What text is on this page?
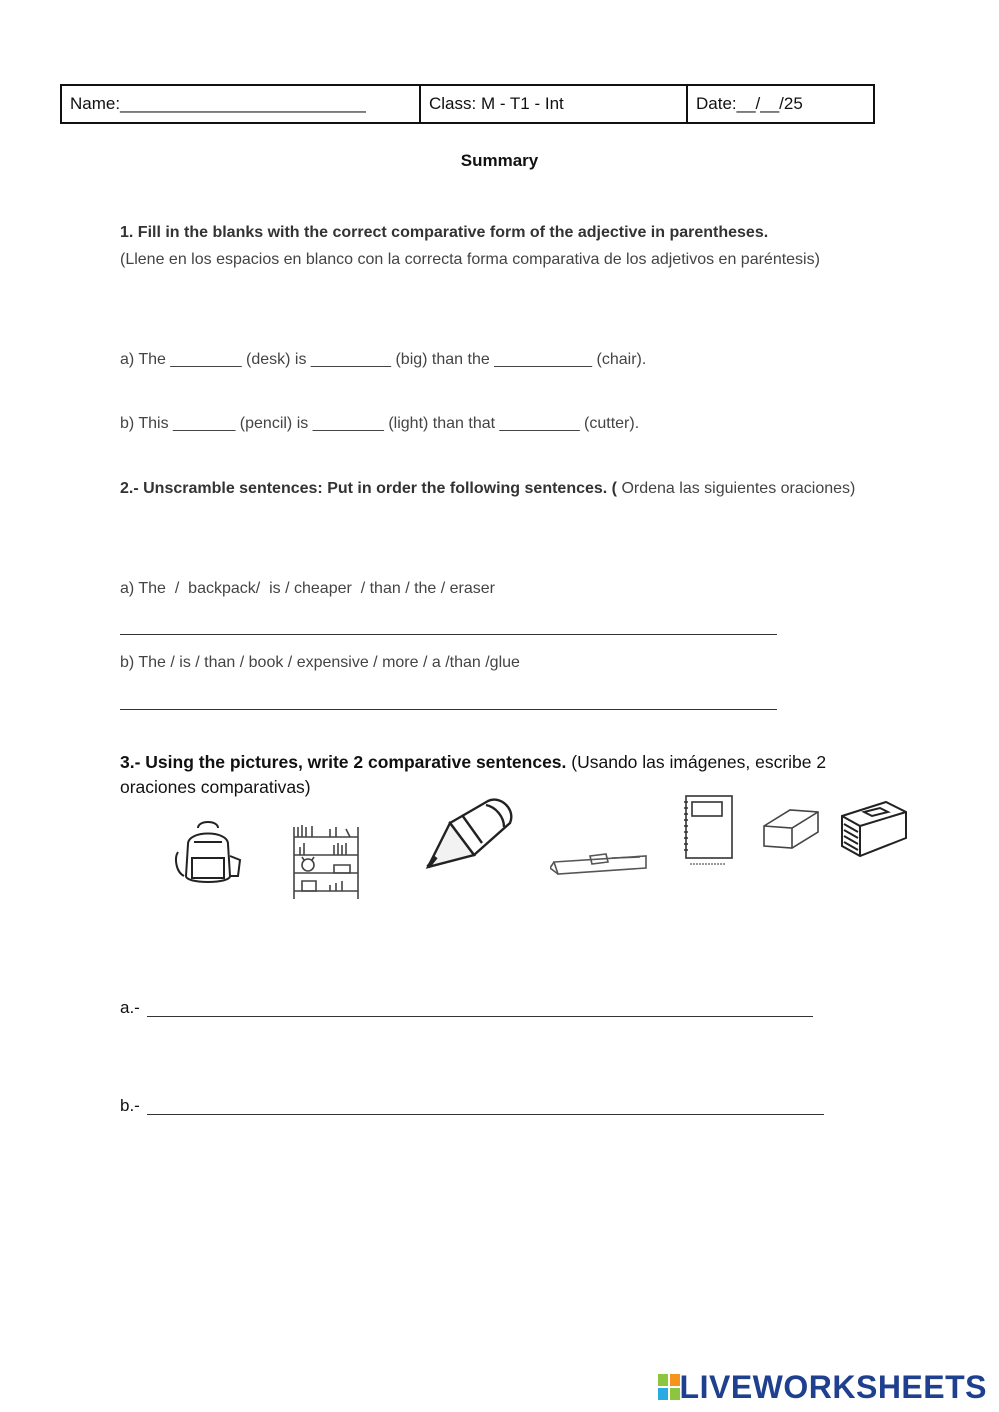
Name:__________________________	Class: M - T1 - Int	Date:__/__/25
Summary
1. Fill in the blanks with the correct comparative form of the adjective in parentheses.
(Llene en los espacios en blanco con la correcta forma comparativa de los adjetivos en paréntesis)
a) The ________ (desk) is _________ (big) than the ___________ (chair).
b) This _______ (pencil) is ________ (light) than that _________ (cutter).
2.- Unscramble sentences: Put in order the following sentences. ( Ordena las siguientes oraciones)
a) The  /  backpack/  is / cheaper  / than / the / eraser
b) The / is / than / book / expensive / more / a /than /glue
3.- Using the pictures, write 2 comparative sentences. (Usando las imágenes, escribe 2 oraciones comparativas)
a.-
b.-
LIVEWORKSHEETS
